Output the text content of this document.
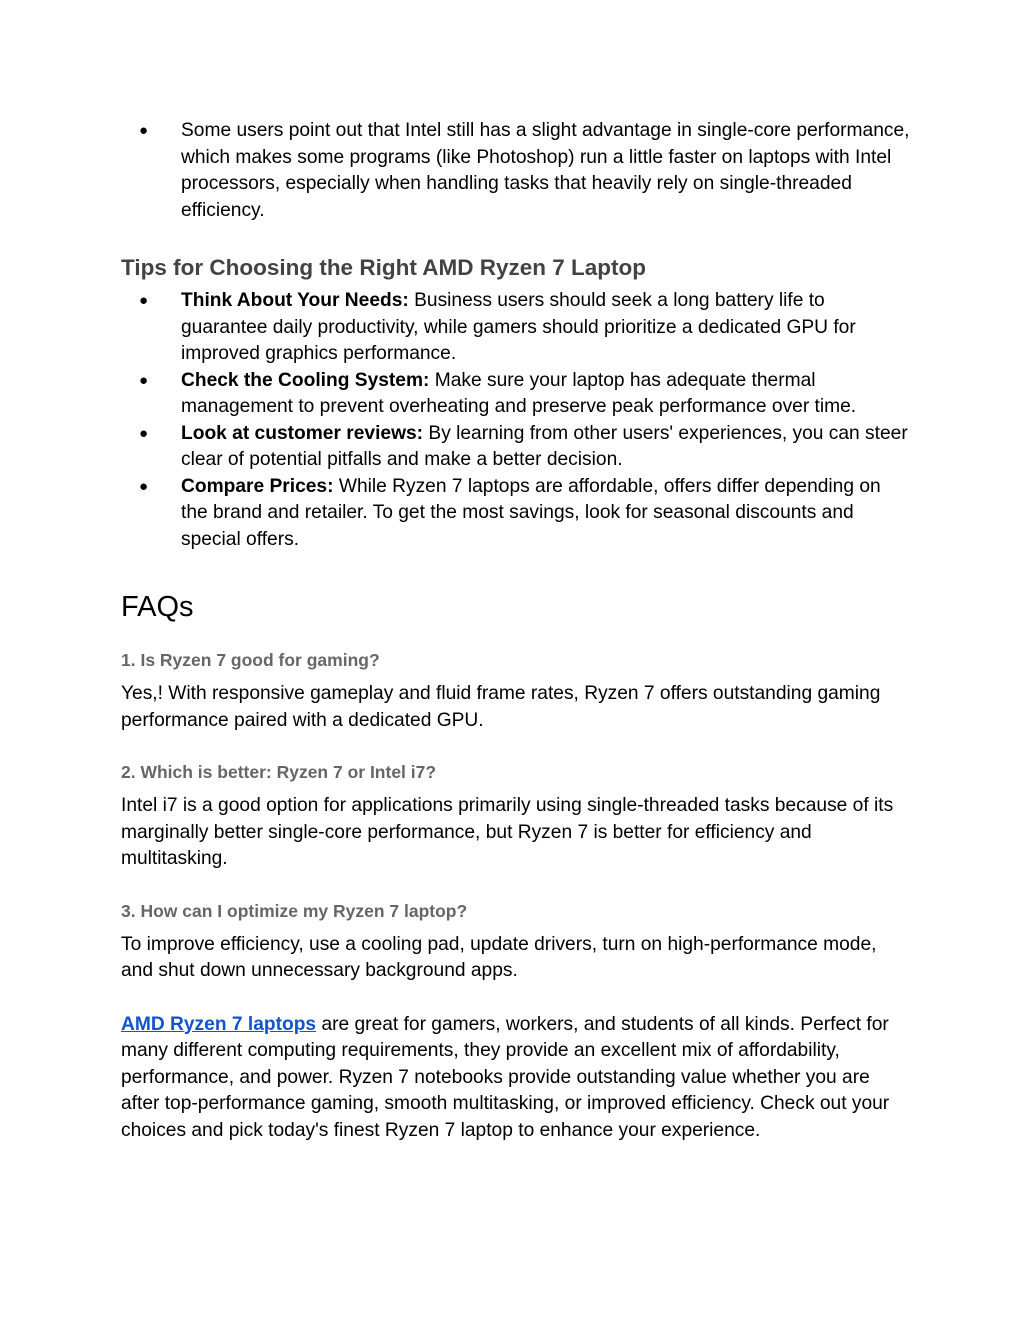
● Some users point out that Intel still has a slight advantage in single-core performance, which makes some programs (like Photoshop) run a little faster on laptops with Intel processors, especially when handling tasks that heavily rely on single-threaded efficiency.
Tips for Choosing the Right AMD Ryzen 7 Laptop
● Think About Your Needs: Business users should seek a long battery life to guarantee daily productivity, while gamers should prioritize a dedicated GPU for improved graphics performance.
● Check the Cooling System: Make sure your laptop has adequate thermal management to prevent overheating and preserve peak performance over time.
● Look at customer reviews: By learning from other users' experiences, you can steer clear of potential pitfalls and make a better decision.
● Compare Prices: While Ryzen 7 laptops are affordable, offers differ depending on the brand and retailer. To get the most savings, look for seasonal discounts and special offers.
FAQs
1. Is Ryzen 7 good for gaming?

Yes,! With responsive gameplay and fluid frame rates, Ryzen 7 offers outstanding gaming performance paired with a dedicated GPU.

2. Which is better: Ryzen 7 or Intel i7?

Intel i7 is a good option for applications primarily using single-threaded tasks because of its marginally better single-core performance, but Ryzen 7 is better for efficiency and multitasking.

3. How can I optimize my Ryzen 7 laptop?

To improve efficiency, use a cooling pad, update drivers, turn on high-performance mode, and shut down unnecessary background apps.

AMD Ryzen 7 laptops are great for gamers, workers, and students of all kinds. Perfect for many different computing requirements, they provide an excellent mix of affordability, performance, and power. Ryzen 7 notebooks provide outstanding value whether you are after top-performance gaming, smooth multitasking, or improved efficiency. Check out your choices and pick today's finest Ryzen 7 laptop to enhance your experience.
